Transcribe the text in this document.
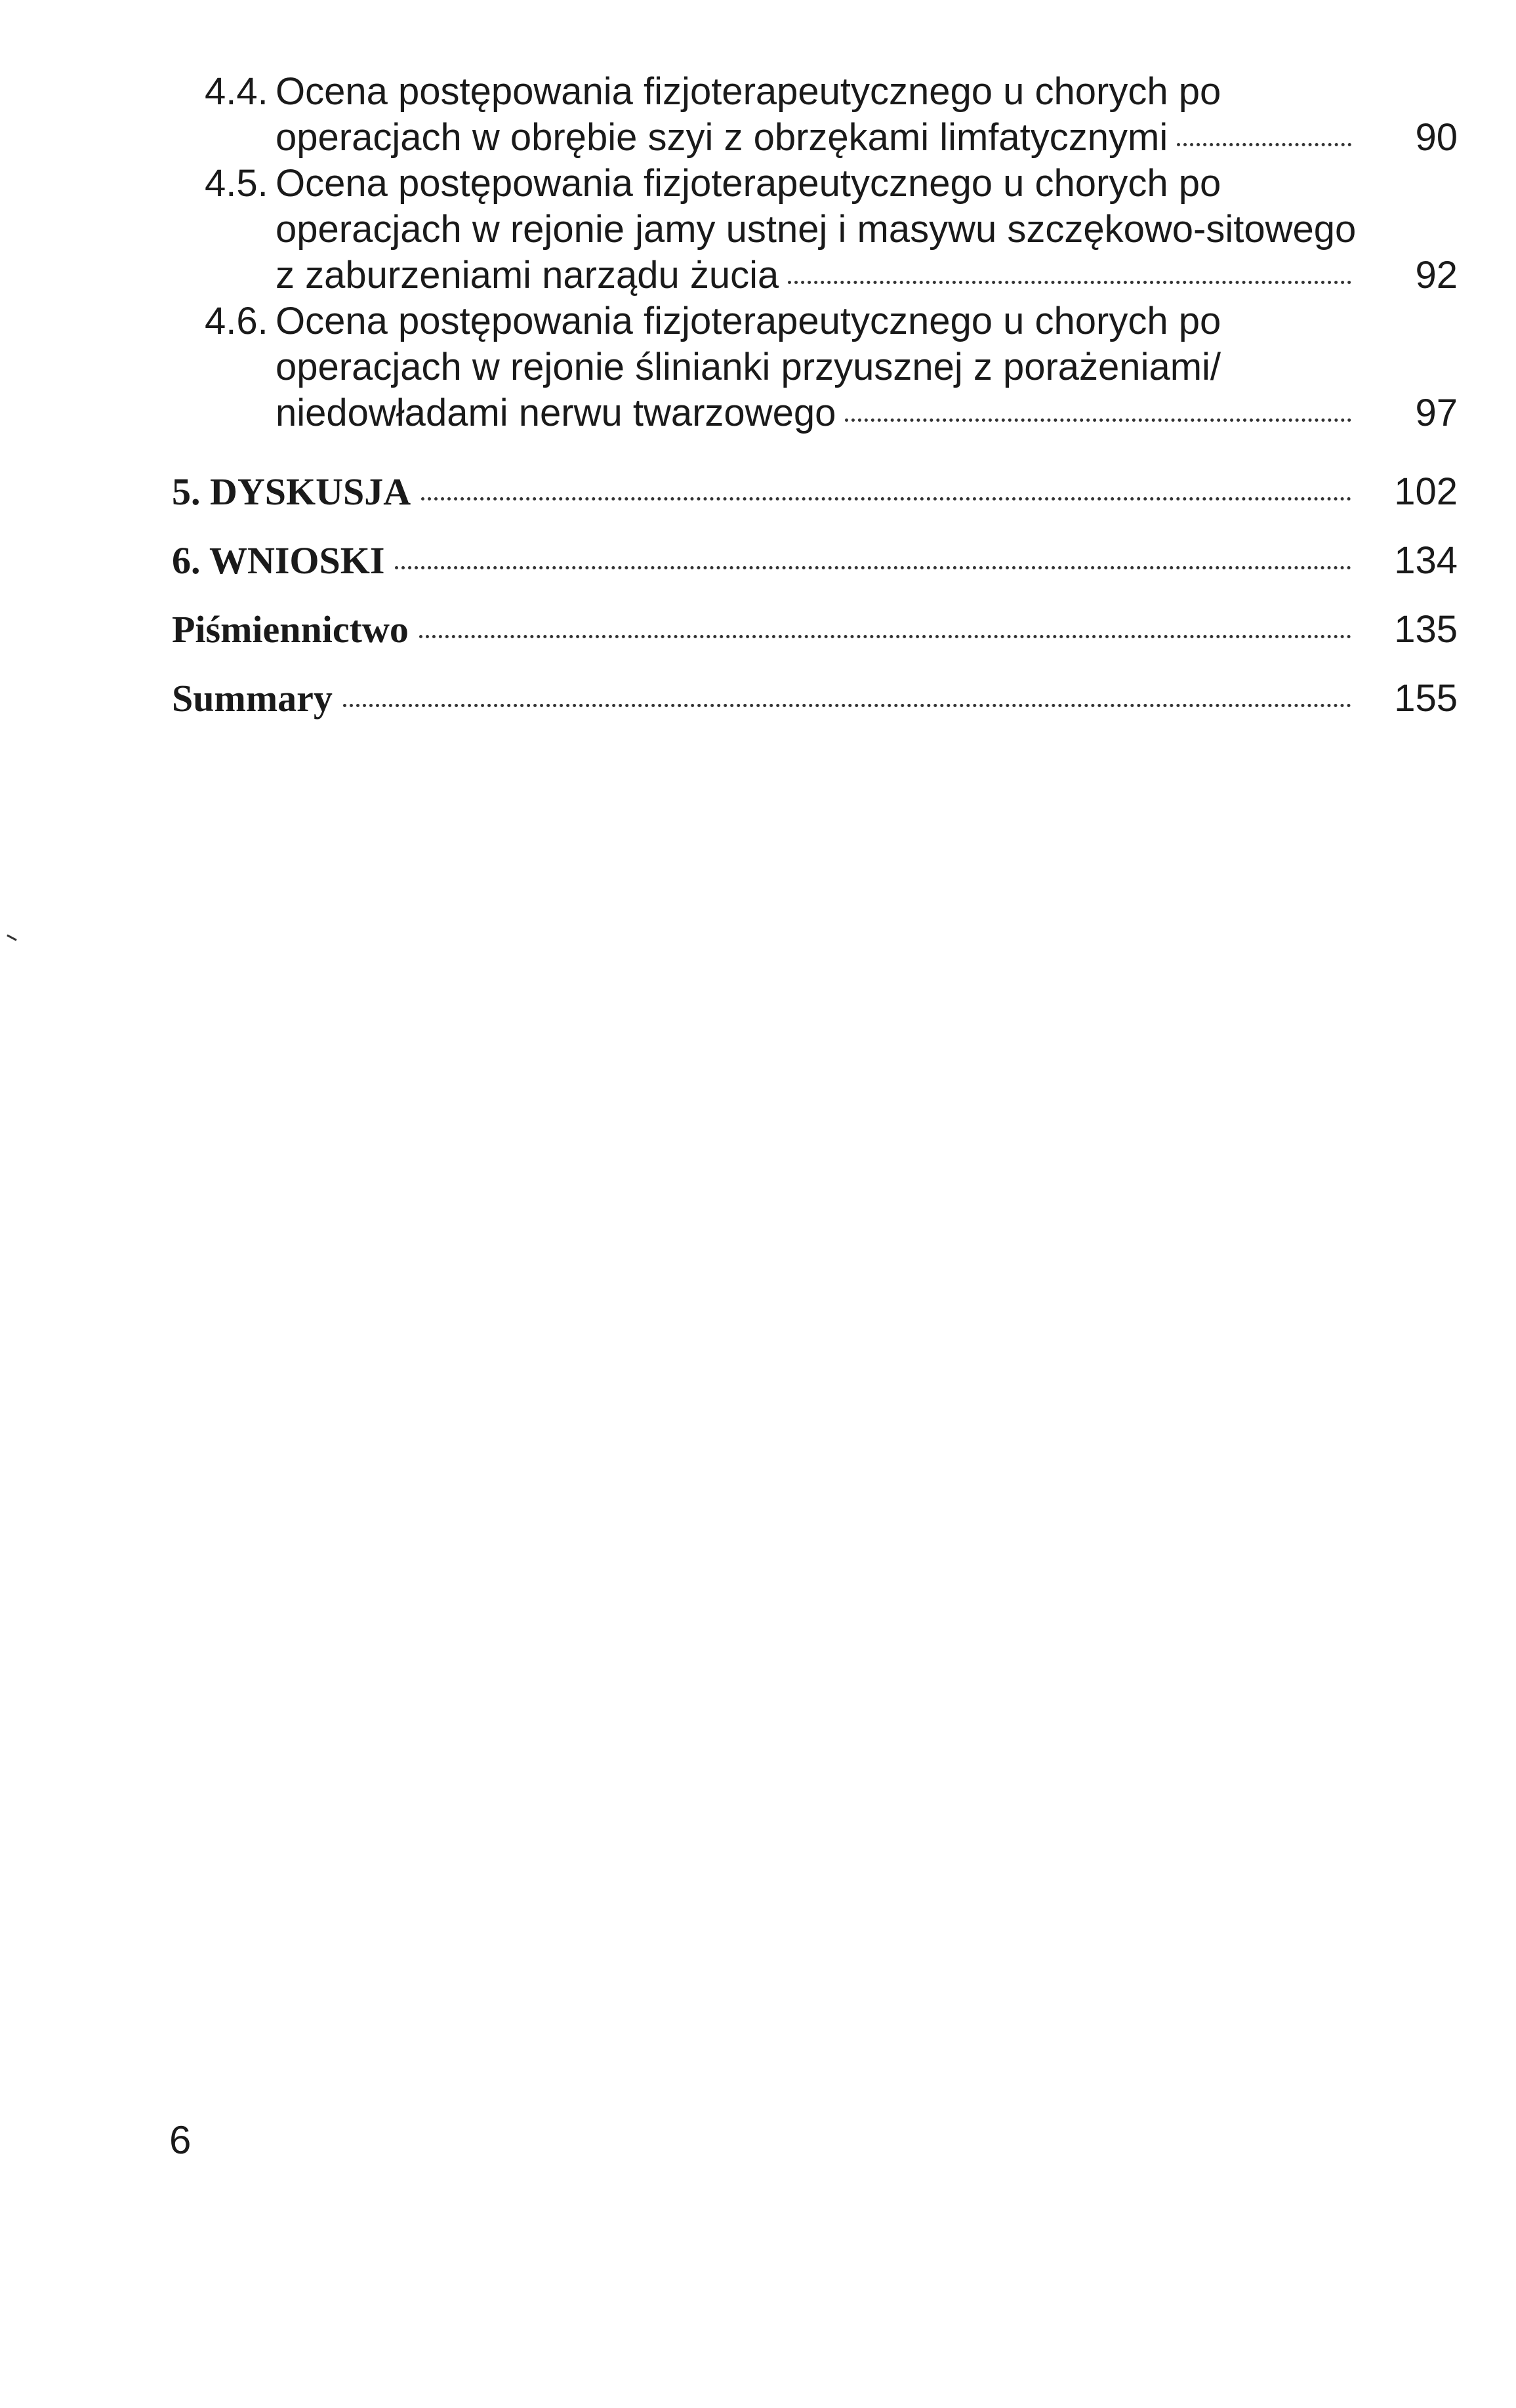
4.4. Ocena postępowania fizjoterapeutycznego u chorych po
operacjach w obrębie szyi z obrzękami limfatycznymi	90
4.5. Ocena postępowania fizjoterapeutycznego u chorych po
operacjach w rejonie jamy ustnej i masywu szczękowo-sitowego
z zaburzeniami narządu żucia	92
4.6. Ocena postępowania fizjoterapeutycznego u chorych po
operacjach w rejonie ślinianki przyusznej z porażeniami/
niedowładami nerwu twarzowego	97
5. DYSKUSJA	102
6. WNIOSKI	134
Piśmiennictwo	135
Summary	155
6
